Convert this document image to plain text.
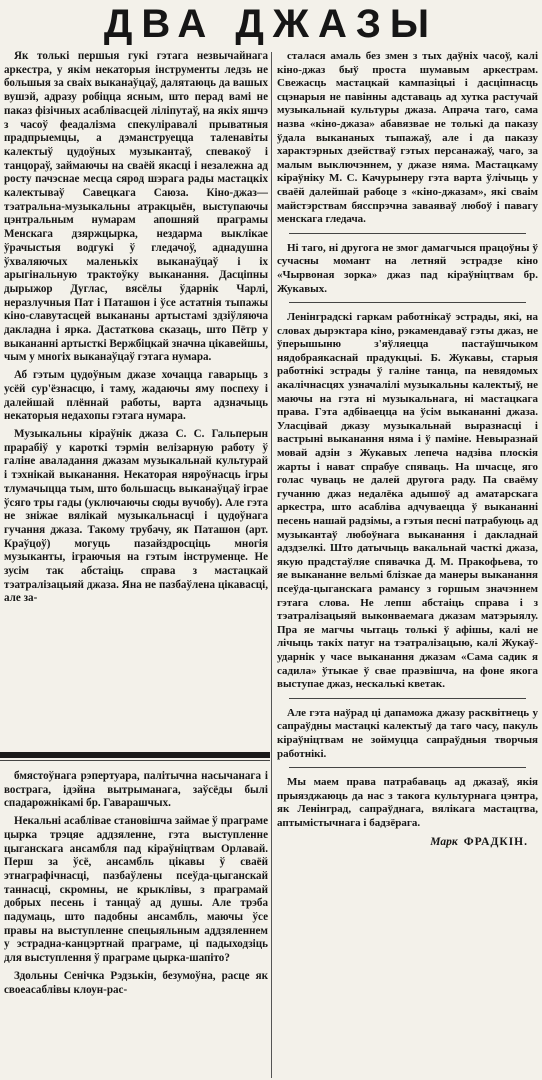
ДВА ДЖАЗЫ

Як толькі першыя гукі гэтага незвычайнага аркестра, у якім некаторыя інструменты ледзь не большыя за сваіх выканаўцаў, далятаюць да вашых вушэй, адразу робіцца ясным, што перад вамі не паказ фізічных асабліваcцей ліліпутаў, на якіх яшчэ з часоў феадалізма спекуліравалі прыватныя прадпрыемцы, а дэманструецца таленавіты калектыў цудоўных музыкантаў, спевакоў і танцораў, займаючы на сваёй якасці і незалежна ад росту пачэснае месца сярод шэрага рады мастацкіх калектываў Савецкага Саюза. Кіно-джаз—тэатральна-музыкальны атракцыён, выступаючы цэнтральным нумарам апошняй праграмы Менскага дзяржцырка, нездарма выклікае ўрачыстыя водгукі ў гледачоў, аднадушна ўхваляючых маленькіх выканаўцаў і іх арыгінальную трактоўку выканання. Дасціпны дырыжор Дуглас, вясёлы ўдарнік Чарлі, неразлучныя Пат і Паташон і ўсе астатнія тыпажы кіно-славутасцей выкананы артыстамі здзіўляюча дакладна і ярка. Дастаткова сказаць, што Пётр у выкананні артысткі Вержбіцкай значна цікавейшы, чым у многіх выканаўцаў гэтага нумара.

Аб гэтым цудоўным джазе хочацца гаварыць з усёй сур'ёзнасцю, і таму, жадаючы яму поспеху і далейшай плённай работы, варта адзначыць некаторыя недахопы гэтага нумара.

Музыкальны кіраўнік джаза С. С. Гальперын прарабіў у кароткі тэрмін велізарную работу ў галіне аваладання джазам музыкальнай культурай і тэхнікай выканання. Некаторая няроўнасць ігры тлумачыцца тым, што большасць выканаўцаў іграе ўсяго тры гады (уключаючы сюды вучобу). Але гэта не зніжае вялікай музыкальнасці і цудоўнага гучання джаза. Такому трубачу, як Паташон (арт. Краўцоў) могуць пазайздросціць многія музыканты, іграючыя на гэтым інструменце. Не зусім так абстаіць справа з мастацкай тэатралізацыяй джаза. Яна не пазбаўлена цікавасці, але за-

бмястоўнага рэпертуара, палітычна насычанага і вострага, ідэйна вытрыманага, заўсёды былі спадарожнікамі бр. Гаварашчых.

Некальні асаблівае становішча займае ў праграме цырка трэцяе аддзяленне, гэта выступленне цыганскага ансамбля пад кіраўніцтвам Орлавай. Перш за ўсё, ансамбль цікавы ў сваёй этнаграфічнасці, пазбаўлены псеўда-цыганскай таннасці, скромны, не крыклівы, з праграмай добрых песень і танцаў ад душы. Але трэба падумаць, што падобны ансамбль, маючы ўсе правы на выступленне спецыяльным аддзяленнем у эстрадна-канцэртнай праграме, ці падыходзіць для выступлення ў праграме цырка-шапіто?

Здольны Сенічка Рэдзькін, безумоўна, расце як своеасаблівы клоун-рас-

сталася амаль без змен з тых даўніх часоў, калі кіно-джаз быў проста шумавым аркестрам. Свежасць мастацкай кампазіцыі і дасціпнасць сцэнарыя не павінны адставаць ад хутка растучай музыкальнай культуры джаза. Апрача таго, сама назва «кіно-джаза» абавязвае не толькі да паказу ўдала выкананых тыпажаў, але і да паказу характэрных дзействаў гэтых персанажаў, чаго, за малым выключэннем, у джазе няма. Мастацкаму кіраўніку М. С. Качурынеру гэта варта ўлічыць у сваёй далейшай рабоце з «кіно-джазам», які сваім майстэрствам бясспрэчна заваяваў любоў і павагу менскага гледача.

Ні таго, ні другога не змог дамагчыся працоўны ў сучасны момант на летняй эстрадзе кіно «Чырвоная зорка» джаз пад кіраўніцтвам бр. Жукавых.

Ленінградскі гаркам работнікаў эстрады, які, на словах дырэктара кіно, рэкамендаваў гэты джаз, не ўперышыню з'яўляецца пастаўшчыком нядобраякаснай прадукцыі. Б. Жукавы, старыя работнікі эстрады ў галіне танца, па невядомых акалічнасцях узначалілі музыкальны калектыў, не маючы на гэта ні музыкальнага, ні мастацкага права. Гэта адбіваецца на ўсім выкананні джаза. Уласцівай джазу музыкальнай выразнасці і вастрыні выканання няма і ў паміне. Невыразнай мовай адзін з Жукавых лепеча надзіва плоскія жарты і нават спрабуе спяваць. На шчасце, яго голас чуваць не далей другога раду. Па сваёму гучанню джаз недалёка адышоў ад аматарскага аркестра, што асабліва адчуваецца ў выкананні песень нашай радзімы, а гэтыя песні патрабуюць ад музыкантаў любоўнага выканання і дакладнай адздзелкі. Што датычыць вакальнай часткі джаза, якую прадстаўляе спявачка Д. М. Пракофьева, то яе выкананне вельмі блізкае да манеры выканання псеўда-цыганскага рамансу з горшым значэннем гэтага слова. Не лепш абстаіць справа і з тэатралізацыяй выконваемага джазам матэрыялу. Пра яе магчы чытаць толькі ў афішы, калі не лічыць такіх патуг на тэатралізацыю, калі Жукаў-ударнік у часе выканання джазам «Сама садик я садила» ўтыкае ў свае праэвішча, на фоне якога выступае джаз, нескалькі кветак.

Але гэта наўрад ці дапаможа джазу расквітнець у сапраўдны мастацкі калектыў да таго часу, пакуль кіраўніцтвам не зоймуцца сапраўдныя творчыя работнікі.

Мы маем права патрабаваць ад джазаў, якія прыязджаюць да нас з такога культурнага цэнтра, як Ленінград, сапраўднага, вялікага мастацтва, аптымістычнага і бадзёрага.

Марк ФРАДКІН.
